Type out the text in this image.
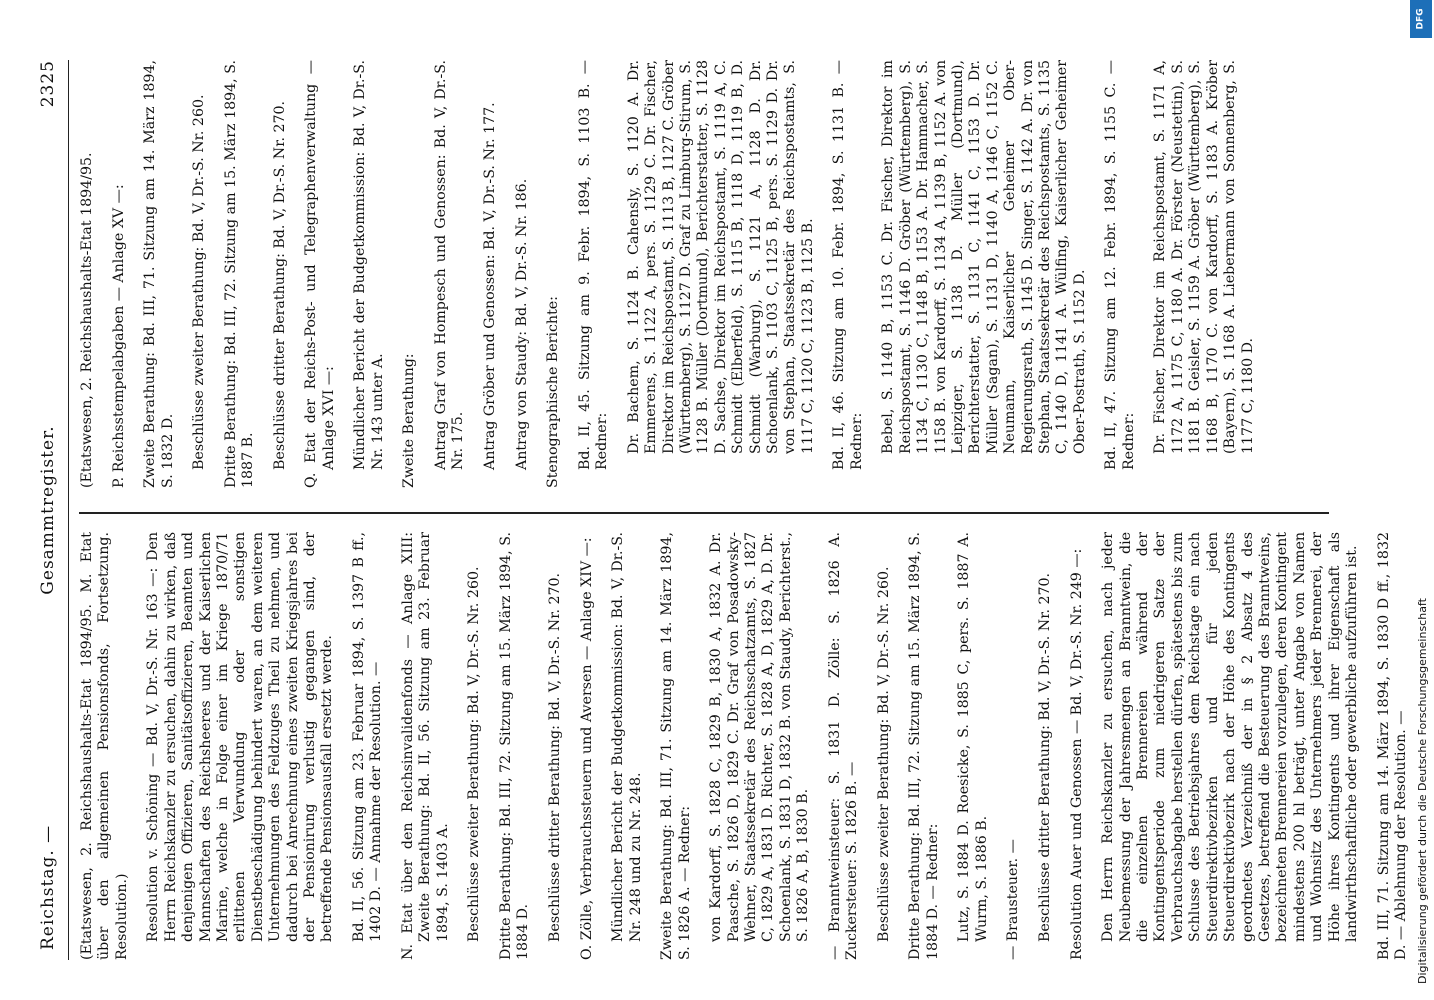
Reichstag. —
Gesammtregister.
2325

(Etatswesen, 2. Reichshaushalts-Etat 1894/95. M. Etat über den allgemeinen Pensionsfonds, Fortsetzung. Resolution.) Resolution v. Schöning — Bd. V, Dr.-S. Nr. 163 —: Den Herrn Reichskanzler zu ersuchen, dahin zu wirken, daß denjenigen Offizieren, Sanitätsoffizieren, Beamten und Mannschaften des Reichsheeres und der Kaiserlichen Marine, welche in Folge einer im Kriege 1870/71 erlittenen Verwundung oder sonstigen Dienstbeschädigung behindert waren, an dem weiteren Unternehmungen des Feldzuges Theil zu nehmen, und dadurch bei Anrechnung eines zweiten Kriegsjahres bei der Pensionirung verlustig gegangen sind, der betreffende Pensionsausfall ersetzt werde. Bd. II, 56. Sitzung am 23. Februar 1894, S. 1397 B ff., 1402 D. — Annahme der Resolution. — N. Etat über den Reichsinvalidenfonds — Anlage XIII: Zweite Berathung: Bd. II, 56. Sitzung am 23. Februar 1894, S. 1403 A. Beschlüsse zweiter Berathung: Bd. V, Dr.-S. Nr. 260. Dritte Berathung: Bd. III, 72. Sitzung am 15. März 1894, S. 1884 D. Beschlüsse dritter Berathung: Bd. V, Dr.-S. Nr. 270. O. Zölle, Verbrauchssteuern und Aversen — Anlage XIV —: Mündlicher Bericht der Budgetkommission: Bd. V, Dr.-S. Nr. 248 und zu Nr. 248. Zweite Berathung: Bd. III, 71. Sitzung am 14. März 1894, S. 1826 A. — Redner: von Kardorff, S. 1828 C, 1829 B, 1830 A, 1832 A. Dr. Paasche, S. 1826 D, 1829 C. Dr. Graf von Posadowsky-Wehner, Staatssekretär des Reichsschatzamts, S. 1827 C, 1829 A, 1831 D. Richter, S. 1828 A, D, 1829 A, D. Dr. Schoenlank, S. 1831 D, 1832 B. von Staudy, Berichterst., S. 1826 A, B, 1830 B. — Branntweinsteuer: S. 1831 D. Zölle: S. 1826 A. Zuckersteuer: S. 1826 B. — Beschlüsse zweiter Berathung: Bd. V, Dr.-S. Nr. 260. Dritte Berathung: Bd. III, 72. Sitzung am 15. März 1894, S. 1884 D. — Redner: Lutz, S. 1884 D. Roesicke, S. 1885 C, pers. S. 1887 A. Wurm, S. 1886 B. — Brausteuer. — Beschlüsse dritter Berathung: Bd. V, Dr.-S. Nr. 270. Resolution Auer und Genossen — Bd. V, Dr.-S. Nr. 249 —: Den Herrn Reichskanzler zu ersuchen, nach jeder Neubemessung der Jahresmengen an Branntwein, die die einzelnen Brennereien während der Kontingentsperiode zum niedrigeren Satze der Verbrauchsabgabe herstellen dürfen, spätestens bis zum Schlusse des Betriebsjahres dem Reichstage ein nach Steuerdirektivbezirken und für jeden Steuerdirektivbezirk nach der Höhe des Kontingents geordnetes Verzeichniß der in § 2 Absatz 4 des Gesetzes, betreffend die Besteuerung des Branntweins, bezeichneten Brennereien vorzulegen, deren Kontingent mindestens 200 hl beträgt, unter Angabe von Namen und Wohnsitz des Unternehmers jeder Brennerei, der Höhe ihres Kontingents und ihrer Eigenschaft als landwirthschaftliche oder gewerbliche aufzuführen ist. Bd. III, 71. Sitzung am 14. März 1894, S. 1830 D ff., 1832 D. — Ablehnung der Resolution. —

(Etatswesen, 2. Reichshaushalts-Etat 1894/95. P. Reichsstempelabgaben — Anlage XV —: Zweite Berathung: Bd. III, 71. Sitzung am 14. März 1894, S. 1832 D. Beschlüsse zweiter Berathung: Bd. V, Dr.-S. Nr. 260. Dritte Berathung: Bd. III, 72. Sitzung am 15. März 1894, S. 1887 B. Beschlüsse dritter Berathung: Bd. V, Dr.-S. Nr. 270. Q. Etat der Reichs-Post- und Telegraphenverwaltung — Anlage XVI —: Mündlicher Bericht der Budgetkommission: Bd. V, Dr.-S. Nr. 143 unter A. Zweite Berathung: Antrag Graf von Hompesch und Genossen: Bd. V, Dr.-S. Nr. 175. Antrag Gröber und Genossen: Bd. V, Dr.-S. Nr. 177. Antrag von Staudy: Bd. V, Dr.-S. Nr. 186. Stenographische Berichte: Bd. II, 45. Sitzung am 9. Febr. 1894, S. 1103 B. — Redner: Dr. Bachem, S. 1124 B. Cahensly, S. 1120 A. Dr. Emmerens, S. 1122 A, pers. S. 1129 C. Dr. Fischer, Direktor im Reichspostamt, S. 1113 B, 1127 C. Gröber (Württemberg), S. 1127 D. Graf zu Limburg-Stirum, S. 1128 B. Müller (Dortmund), Berichterstatter, S. 1128 D. Sachse, Direktor im Reichspostamt, S. 1119 A, C. Schmidt (Elberfeld), S. 1115 B, 1118 D, 1119 B, D. Schmidt (Warburg), S. 1121 A, 1128 D. Dr. Schoenlank, S. 1103 C, 1125 B, pers. S. 1129 D. Dr. von Stephan, Staatssekretär des Reichspostamts, S. 1117 C, 1120 C, 1123 B, 1125 B. Bd. II, 46. Sitzung am 10. Febr. 1894, S. 1131 B. — Redner: Bebel, S. 1140 B, 1153 C. Dr. Fischer, Direktor im Reichspostamt, S. 1146 D. Gröber (Württemberg), S. 1134 C, 1130 C, 1148 B, 1153 A. Dr. Hammacher, S. 1158 B. von Kardorff, S. 1134 A, 1139 B, 1152 A. von Leipziger, S. 1138 D. Müller (Dortmund), Berichterstatter, S. 1131 C, 1141 C, 1153 D. Dr. Müller (Sagan), S. 1131 D, 1140 A, 1146 C, 1152 C. Neumann, Kaiserlicher Geheimer Ober-Regierungsrath, S. 1145 D. Singer, S. 1142 A. Dr. von Stephan, Staatssekretär des Reichspostamts, S. 1135 C, 1140 D, 1141 A. Wülfing, Kaiserlicher Geheimer Ober-Postrath, S. 1152 D. Bd. II, 47. Sitzung am 12. Febr. 1894, S. 1155 C. — Redner: Dr. Fischer, Direktor im Reichspostamt, S. 1171 A, 1172 A, 1175 C, 1180 A. Dr. Förster (Neustettin), S. 1181 B. Geisler, S. 1159 A. Gröber (Württemberg), S. 1168 B, 1170 C. von Kardorff, S. 1183 A. Kröber (Bayern), S. 1168 A. Liebermann von Sonnenberg, S. 1177 C, 1180 D.

Digitalisierung gefördert durch die Deutsche Forschungsgemeinschaft
DFG
